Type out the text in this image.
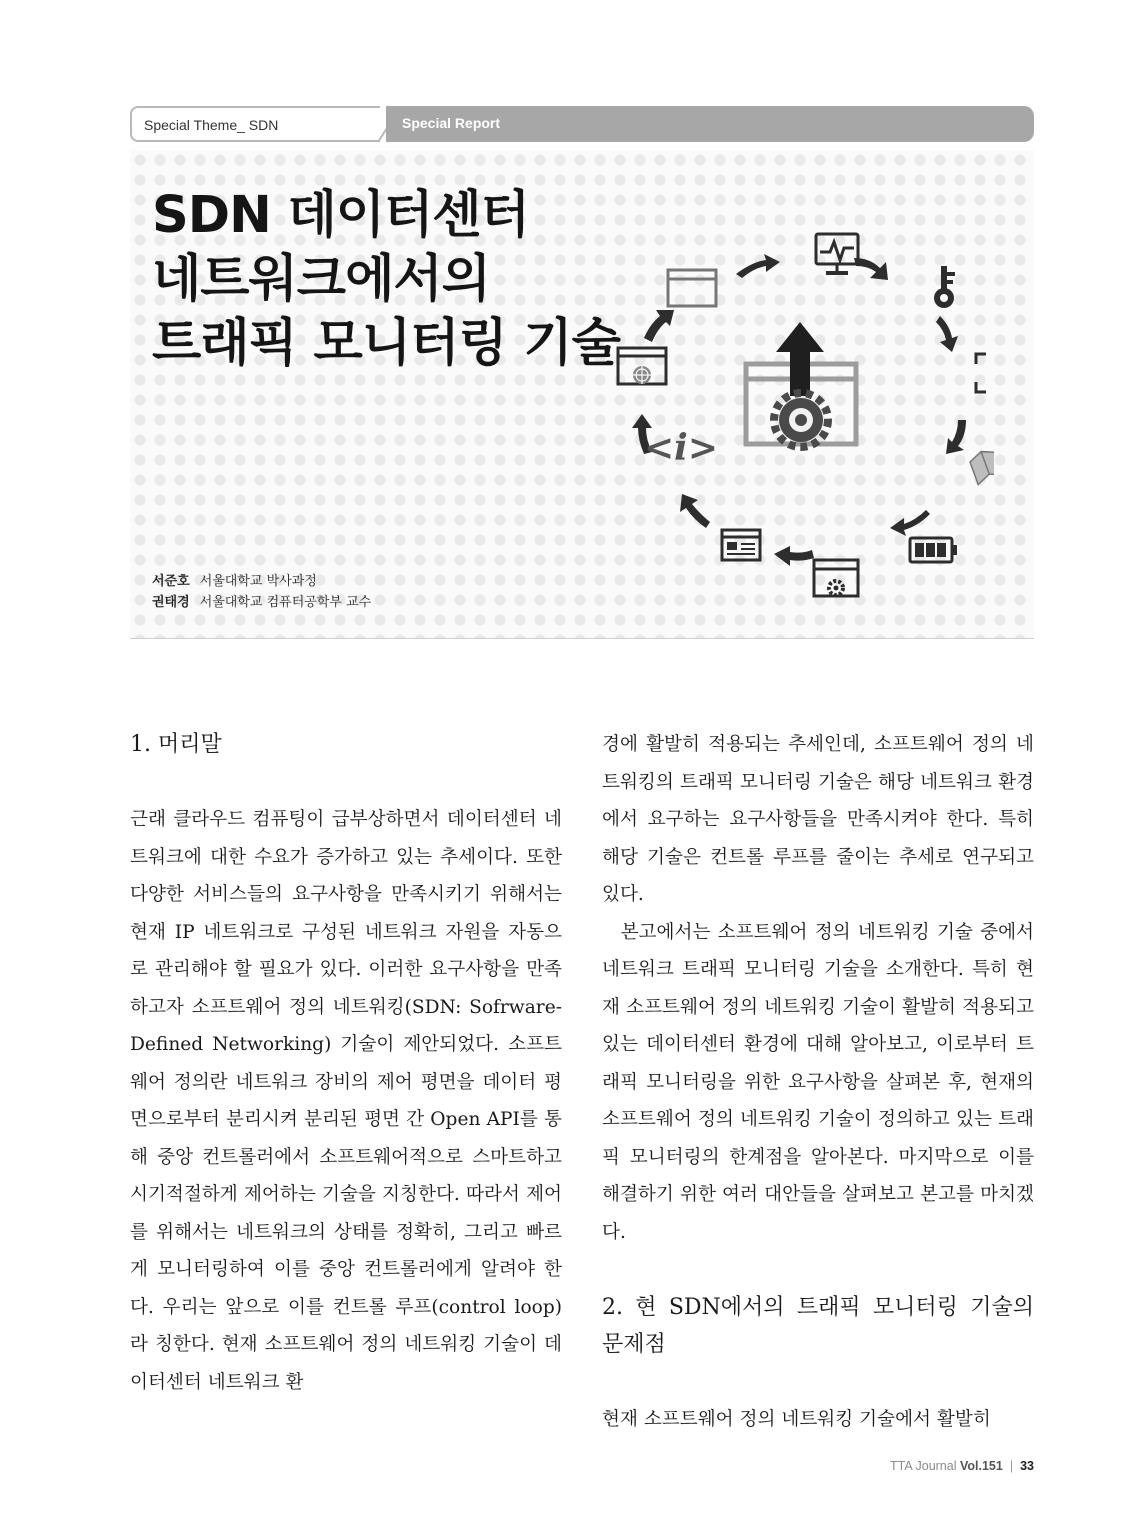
Special Theme_ SDN	Special Report
SDN 데이터센터
네트워크에서의
트래픽 모니터링 기술
<i>
서준호 서울대학교 박사과정
권태경 서울대학교 컴퓨터공학부 교수
1. 머리말

근래 클라우드 컴퓨팅이 급부상하면서 데이터센터 네트워크에 대한 수요가 증가하고 있는 추세이다. 또한 다양한 서비스들의 요구사항을 만족시키기 위해서는 현재 IP 네트워크로 구성된 네트워크 자원을 자동으로 관리해야 할 필요가 있다. 이러한 요구사항을 만족하고자 소프트웨어 정의 네트워킹(SDN: Sofrware-Defined Networking) 기술이 제안되었다. 소프트웨어 정의란 네트워크 장비의 제어 평면을 데이터 평면으로부터 분리시켜 분리된 평면 간 Open API를 통해 중앙 컨트롤러에서 소프트웨어적으로 스마트하고 시기적절하게 제어하는 기술을 지칭한다. 따라서 제어를 위해서는 네트워크의 상태를 정확히, 그리고 빠르게 모니터링하여 이를 중앙 컨트롤러에게 알려야 한다. 우리는 앞으로 이를 컨트롤 루프(control loop)라 칭한다. 현재 소프트웨어 정의 네트워킹 기술이 데이터센터 네트워크 환

경에 활발히 적용되는 추세인데, 소프트웨어 정의 네트워킹의 트래픽 모니터링 기술은 해당 네트워크 환경에서 요구하는 요구사항들을 만족시켜야 한다. 특히 해당 기술은 컨트롤 루프를 줄이는 추세로 연구되고 있다.

본고에서는 소프트웨어 정의 네트워킹 기술 중에서 네트워크 트래픽 모니터링 기술을 소개한다. 특히 현재 소프트웨어 정의 네트워킹 기술이 활발히 적용되고 있는 데이터센터 환경에 대해 알아보고, 이로부터 트래픽 모니터링을 위한 요구사항을 살펴본 후, 현재의 소프트웨어 정의 네트워킹 기술이 정의하고 있는 트래픽 모니터링의 한계점을 알아본다. 마지막으로 이를 해결하기 위한 여러 대안들을 살펴보고 본고를 마치겠다.

2. 현 SDN에서의 트래픽 모니터링 기술의 문제점

현재 소프트웨어 정의 네트워킹 기술에서 활발히

TTA Journal Vol.151 | 33
